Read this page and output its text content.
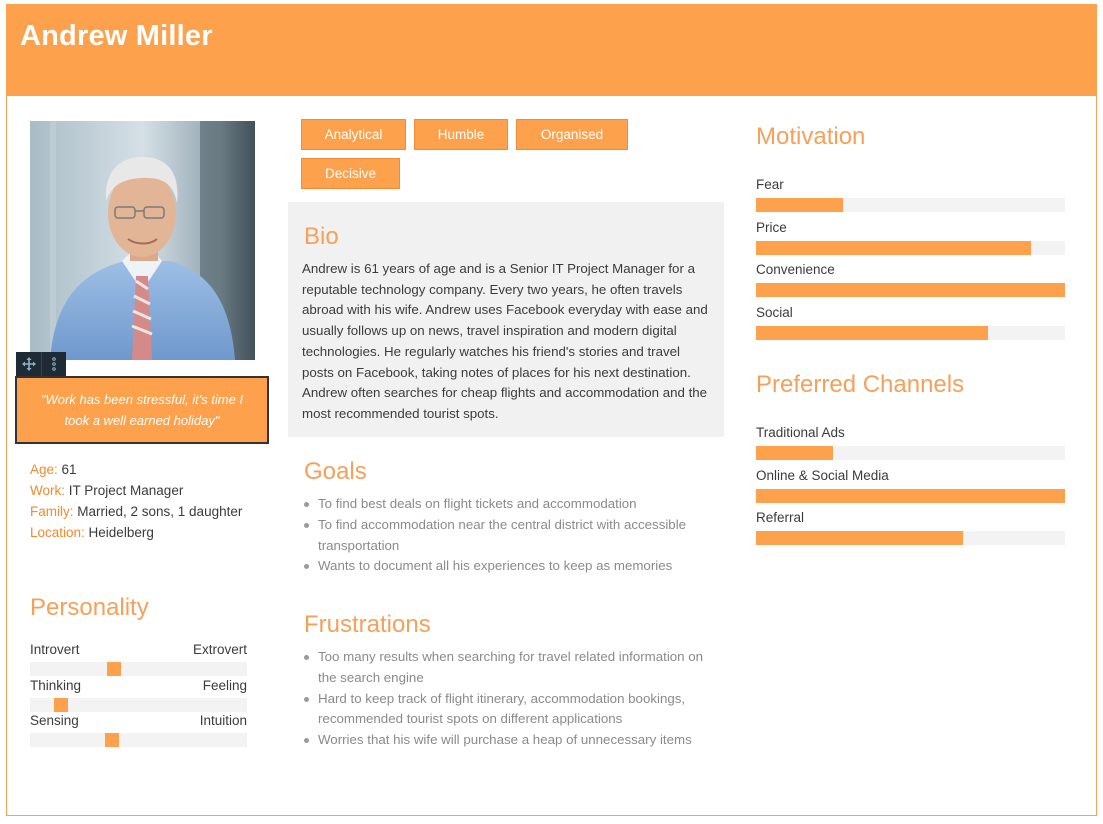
Andrew Miller
"Work has been stressful, it's time I took a well earned holiday"
Age: 61
Work: IT Project Manager
Family: Married, 2 sons, 1 daughter
Location: Heidelberg
Personality
Introvert	Extrovert
Thinking	Feeling
Sensing	Intuition
Analytical	Humble	Organised
Decisive
Bio

Andrew is 61 years of age and is a Senior IT Project Manager for a reputable technology company. Every two years, he often travels abroad with his wife. Andrew uses Facebook everyday with ease and usually follows up on news, travel inspiration and modern digital technologies. He regularly watches his friend's stories and travel posts on Facebook, taking notes of places for his next destination. Andrew often searches for cheap flights and accommodation and the most recommended tourist spots.

Goals
To find best deals on flight tickets and accommodation
To find accommodation near the central district with accessible transportation
Wants to document all his experiences to keep as memories
Frustrations
Too many results when searching for travel related information on the search engine
Hard to keep track of flight itinerary, accommodation bookings, recommended tourist spots on different applications
Worries that his wife will purchase a heap of unnecessary items
Motivation
Fear
Price
Convenience
Social
Preferred Channels
Traditional Ads
Online & Social Media
Referral
